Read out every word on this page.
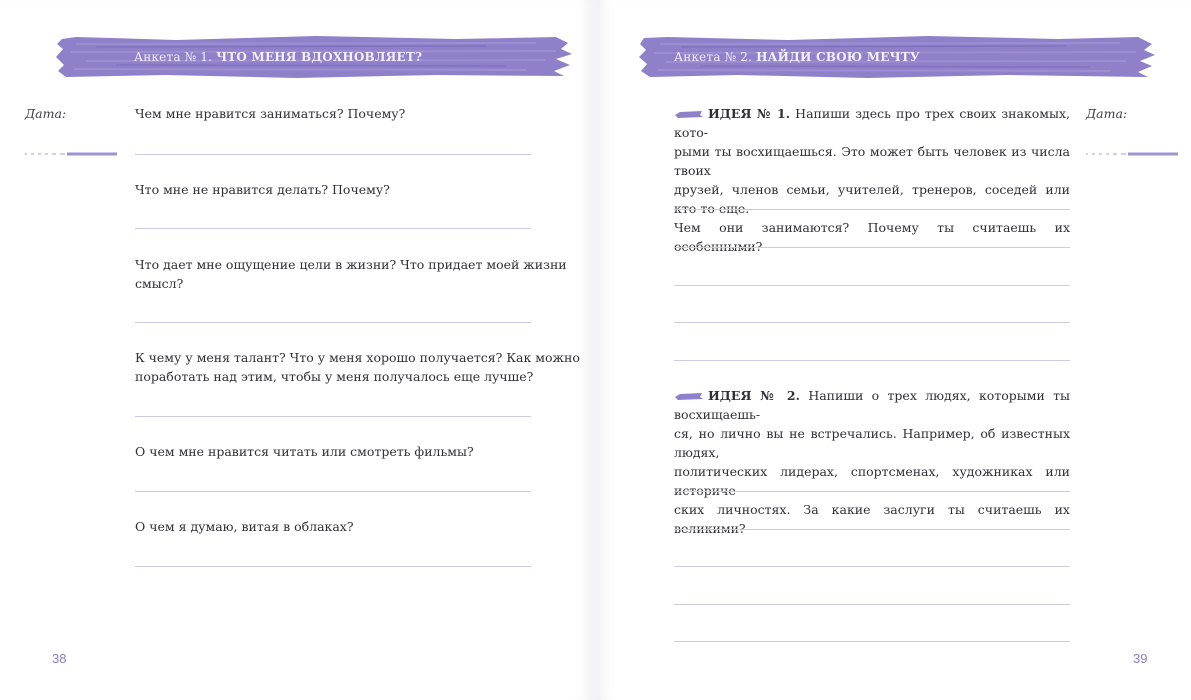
Анкета № 1. ЧТО МЕНЯ ВДОХНОВЛЯЕТ?
Дата:	Чем мне нравится заниматься? Почему?
Что мне не нравится делать? Почему?
Что дает мне ощущение цели в жизни? Что придает моей жизни
смысл?
К чему у меня талант? Что у меня хорошо получается? Как можно
поработать над этим, чтобы у меня получалось еще лучше?
О чем мне нравится читать или смотреть фильмы?
О чем я думаю, витая в облаках?
38
Анкета № 2. НАЙДИ СВОЮ МЕЧТУ
Дата:
ИДЕЯ № 1. Напиши здесь про трех своих знакомых, кото-
рыми ты восхищаешься. Это может быть человек из числа твоих
друзей, членов семьи, учителей, тренеров, соседей или кто-то еще.
Чем они занимаются? Почему ты считаешь их особенными?
ИДЕЯ № 2. Напиши о трех людях, которыми ты восхищаешь-
ся, но лично вы не встречались. Например, об известных людях,
политических лидерах, спортсменах, художниках или историче-
ских личностях. За какие заслуги ты считаешь их великими?
39
